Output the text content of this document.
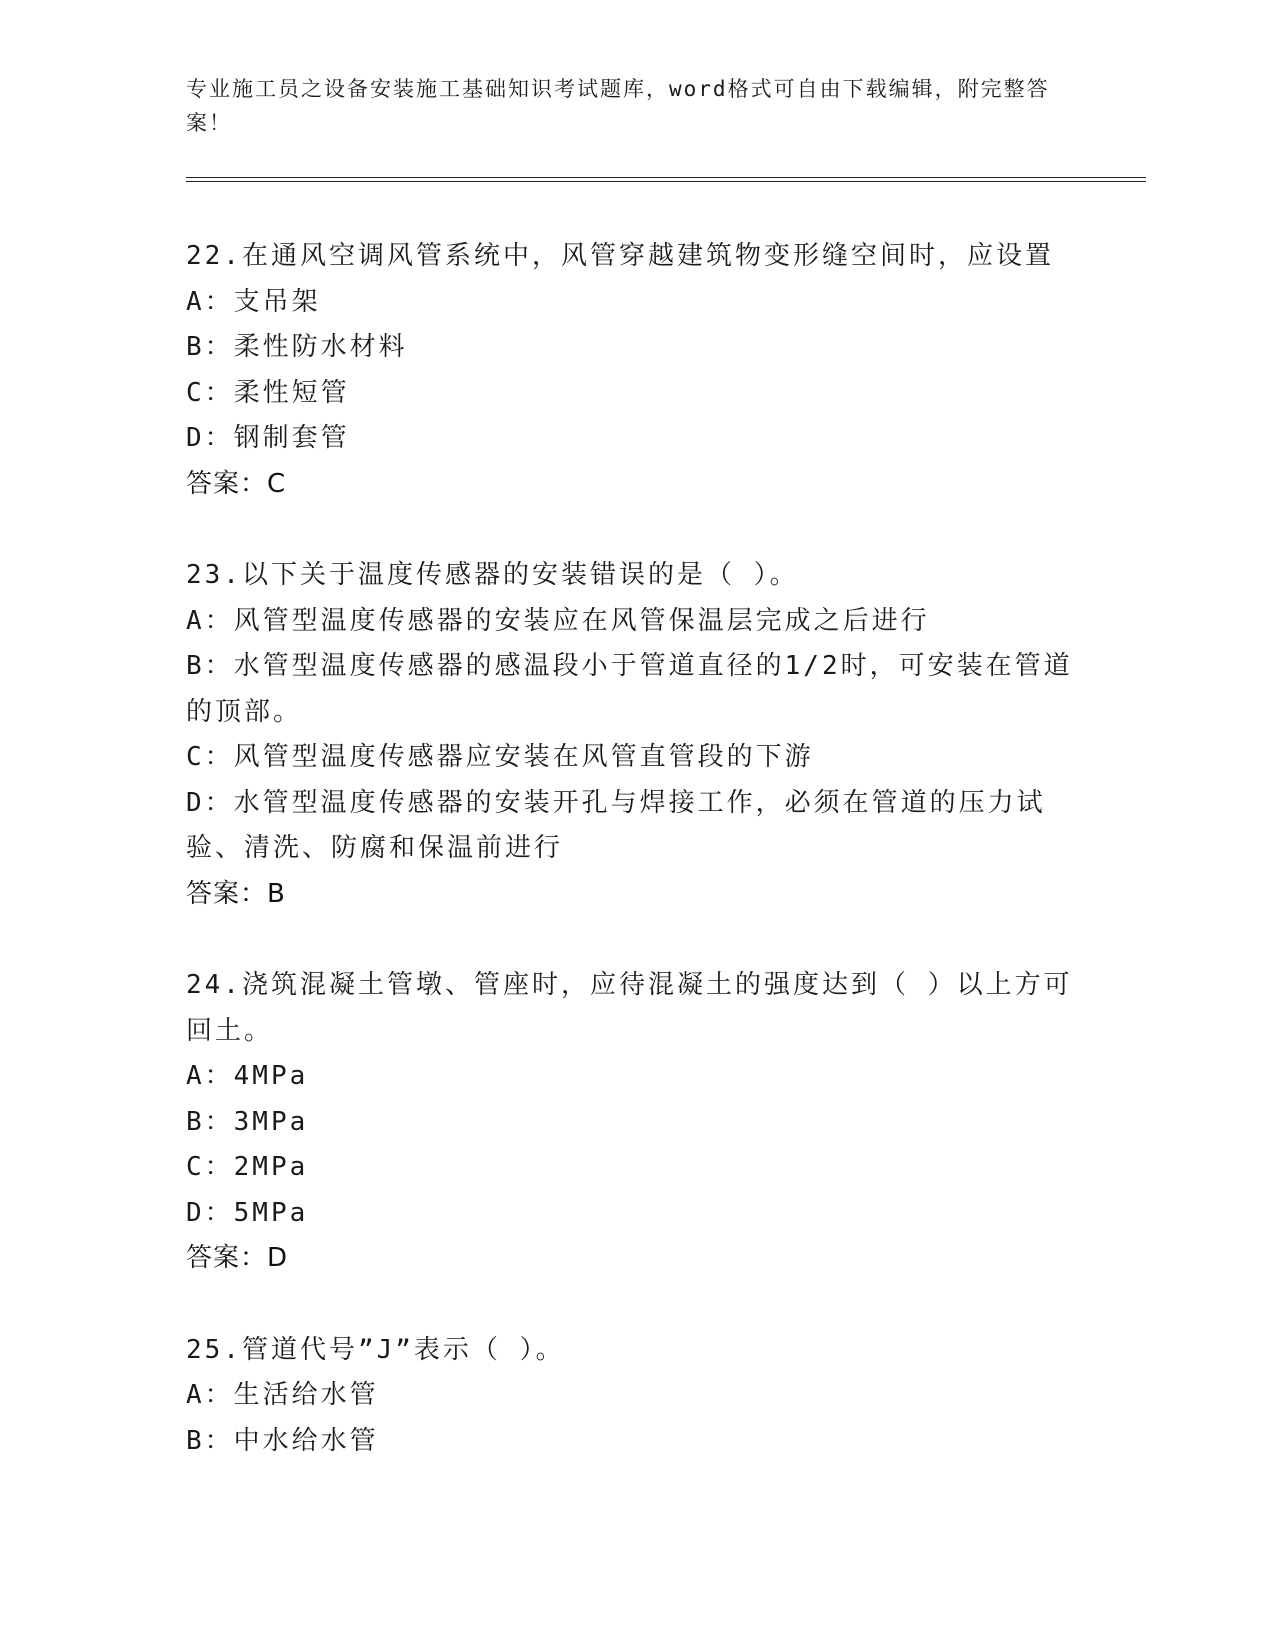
专业施工员之设备安装施工基础知识考试题库，word格式可自由下载编辑，附完整答案！
22.在通风空调风管系统中，风管穿越建筑物变形缝空间时，应设置
A：支吊架
B：柔性防水材料
C：柔性短管
D：钢制套管
答案：C
23.以下关于温度传感器的安装错误的是（ ）。
A：风管型温度传感器的安装应在风管保温层完成之后进行
B：水管型温度传感器的感温段小于管道直径的1/2时，可安装在管道的顶部。
C：风管型温度传感器应安装在风管直管段的下游
D：水管型温度传感器的安装开孔与焊接工作，必须在管道的压力试验、清洗、防腐和保温前进行
答案：B
24.浇筑混凝土管墩、管座时，应待混凝土的强度达到（ ）以上方可回土。
A：4MPa
B：3MPa
C：2MPa
D：5MPa
答案：D
25.管道代号”J”表示（ ）。
A：生活给水管
B：中水给水管
